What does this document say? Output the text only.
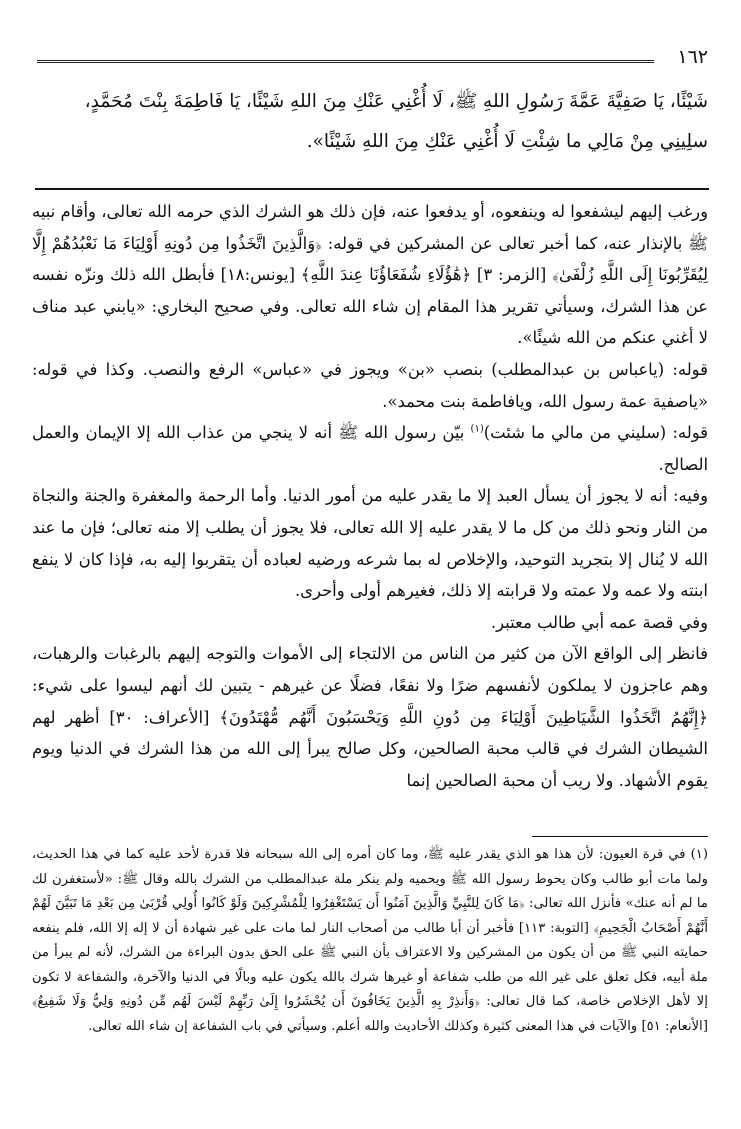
١٦٢

شَيْئًا، يَا صَفِيَّةَ عَمَّةَ رَسُولِ اللهِ ﷺ، لَا أُغْنِي عَنْكِ مِنَ اللهِ شَيْئًا، يَا فَاطِمَةَ بِنْتَ مُحَمَّدٍ،

سلِينِي مِنْ مَالِي ما شِئْتِ لَا أُغْنِي عَنْكِ مِنَ اللهِ شَيْئًا».

ورغب إليهم ليشفعوا له وينفعوه، أو يدفعوا عنه، فإن ذلك هو الشرك الذي حرمه الله تعالى، وأقام نبيه ﷺ بالإنذار عنه، كما أخبر تعالى عن المشركين في قوله: ﴿وَالَّذِينَ اتَّخَذُوا مِن دُونِهِ أَوْلِيَاءَ مَا نَعْبُدُهُمْ إِلَّا لِيُقَرِّبُونَا إِلَى اللَّهِ زُلْفَىٰ﴾ [الزمر: ٣] ﴿هَٰؤُلَاءِ شُفَعَاؤُنَا عِندَ اللَّهِ﴾ [يونس:١٨] فأبطل الله ذلك ونزّه نفسه عن هذا الشرك، وسيأتي تقرير هذا المقام إن شاء الله تعالى. وفي صحيح البخاري: «يابني عبد مناف لا أغني عنكم من الله شيئًا».

قوله: (ياعباس بن عبدالمطلب) بنصب «بن» ويجوز في «عباس» الرفع والنصب. وكذا في قوله: «ياصفية عمة رسول الله، ويافاطمة بنت محمد».

قوله: (سليني من مالي ما شئت)$^{(١)}$ بيّن رسول الله ﷺ أنه لا ينجي من عذاب الله إلا الإيمان والعمل الصالح.

وفيه: أنه لا يجوز أن يسأل العبد إلا ما يقدر عليه من أمور الدنيا. وأما الرحمة والمغفرة والجنة والنجاة من النار ونحو ذلك من كل ما لا يقدر عليه إلا الله تعالى، فلا يجوز أن يطلب إلا منه تعالى؛ فإن ما عند الله لا يُنال إلا بتجريد التوحيد، والإخلاص له بما شرعه ورضيه لعباده أن يتقربوا إليه به، فإذا كان لا ينفع ابنته ولا عمه ولا عمته ولا قرابته إلا ذلك، فغيرهم أولى وأحرى.

وفي قصة عمه أبي طالب معتبر.

فانظر إلى الواقع الآن من كثير من الناس من الالتجاء إلى الأموات والتوجه إليهم بالرغبات والرهبات، وهم عاجزون لا يملكون لأنفسهم ضرًا ولا نفعًا، فضلًا عن غيرهم - يتبين لك أنهم ليسوا على شيء: ﴿إِنَّهُمُ اتَّخَذُوا الشَّيَاطِينَ أَوْلِيَاءَ مِن دُونِ اللَّهِ وَيَحْسَبُونَ أَنَّهُم مُّهْتَدُونَ﴾ [الأعراف: ٣٠] أظهر لهم الشيطان الشرك في قالب محبة الصالحين، وكل صالح يبرأ إلى الله من هذا الشرك في الدنيا ويوم يقوم الأشهاد. ولا ريب أن محبة الصالحين إنما

(١) في قرة العيون: لأن هذا هو الذي يقدر عليه ﷺ، وما كان أمره إلى الله سبحانه فلا قدرة لأحد عليه كما في هذا الحديث، ولما مات أبو طالب وكان يحوط رسول الله ﷺ ويحميه ولم ينكر ملة عبدالمطلب من الشرك بالله وقال ﷺ: «لأستغفرن لك ما لم أنه عنك» فأنزل الله تعالى: ﴿مَا كَانَ لِلنَّبِيِّ وَالَّذِينَ آمَنُوا أَن يَسْتَغْفِرُوا لِلْمُشْرِكِينَ وَلَوْ كَانُوا أُولِي قُرْبَىٰ مِن بَعْدِ مَا تَبَيَّنَ لَهُمْ أَنَّهُمْ أَصْحَابُ الْجَحِيمِ﴾ [التوبة: ١١٣] فأخبر أن أبا طالب من أصحاب النار لما مات على غير شهادة أن لا إله إلا الله، فلم ينفعه حمايته النبي ﷺ من أن يكون من المشركين ولا الاعتراف بأن النبي ﷺ على الحق بدون البراءة من الشرك، لأنه لم يبرأ من ملة أبيه، فكل تعلق على غير الله من طلب شفاعة أو غيرها شرك بالله يكون عليه وبالًا في الدنيا والآخرة، والشفاعة لا تكون إلا لأهل الإخلاص خاصة، كما قال تعالى: ﴿وَأَنذِرْ بِهِ الَّذِينَ يَخَافُونَ أَن يُحْشَرُوا إِلَىٰ رَبِّهِمْ لَيْسَ لَهُم مِّن دُونِهِ وَلِيٌّ وَلَا شَفِيعٌ﴾ [الأنعام: ٥١] والآيات في هذا المعنى كثيرة وكذلك الأحاديث والله أعلم. وسيأتي في باب الشفاعة إن شاء الله تعالى.
